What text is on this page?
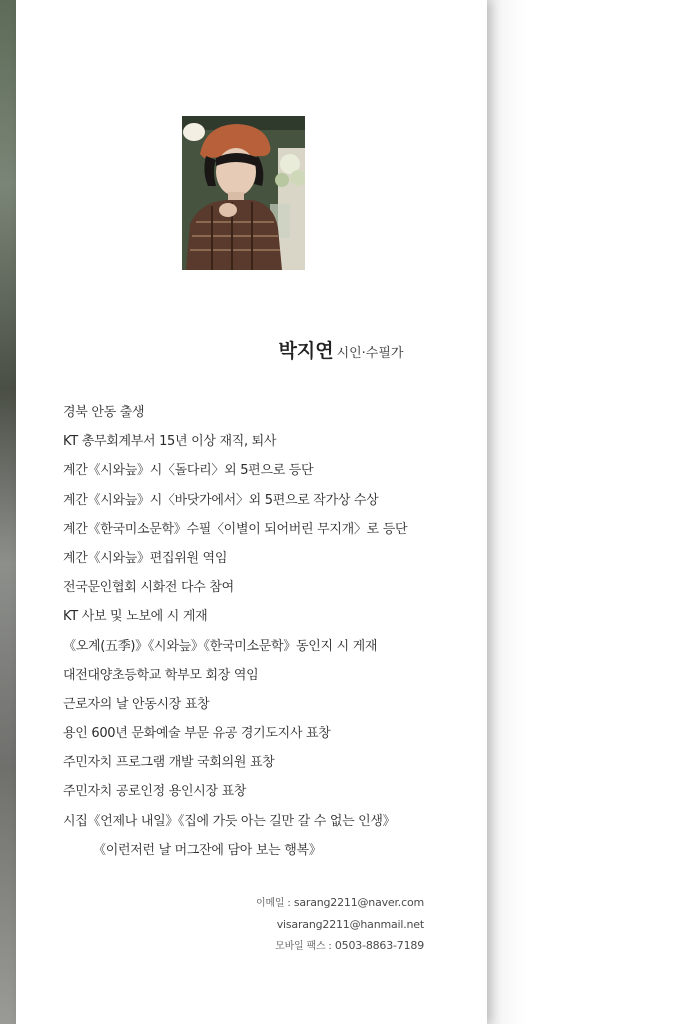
박지연 시인·수필가
경북 안동 출생
KT 총무회계부서 15년 이상 재직, 퇴사
계간《시와늪》시〈돌다리〉외 5편으로 등단
계간《시와늪》시〈바닷가에서〉외 5편으로 작가상 수상
계간《한국미소문학》수필〈이별이 되어버린 무지개〉로 등단
계간《시와늪》편집위원 역임
전국문인협회 시화전 다수 참여
KT 사보 및 노보에 시 게재
《오계(五季)》《시와늪》《한국미소문학》동인지 시 게재
대전대양초등학교 학부모 회장 역임
근로자의 날 안동시장 표창
용인 600년 문화예술 부문 유공 경기도지사 표창
주민자치 프로그램 개발 국회의원 표창
주민자치 공로인정 용인시장 표창
시집《언제나 내일》《집에 가듯 아는 길만 갈 수 없는 인생》
《이런저런 날 머그잔에 담아 보는 행복》
이메일 : sarang2211@naver.com
visarang2211@hanmail.net
모바일 팩스 : 0503-8863-7189
